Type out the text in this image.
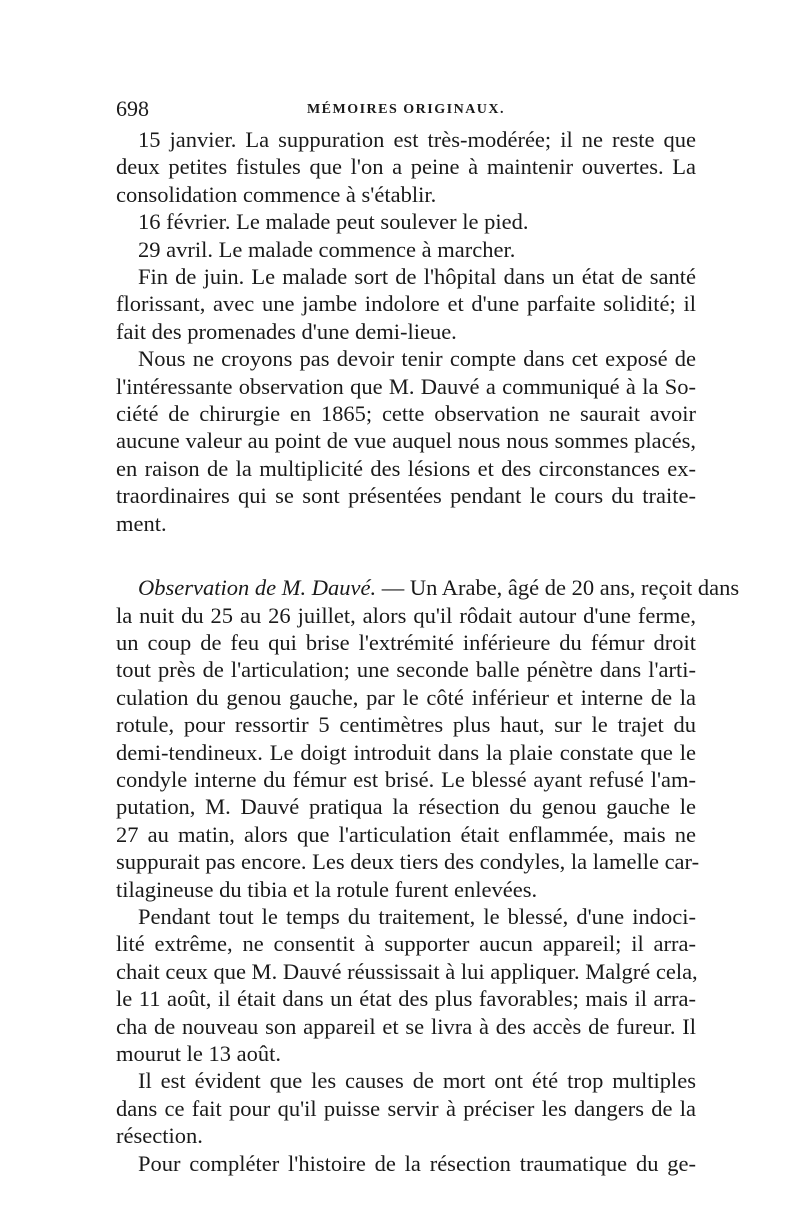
698	MÉMOIRES ORIGINAUX.
15 janvier. La suppuration est très-modérée; il ne reste que
deux petites fistules que l'on a peine à maintenir ouvertes. La
consolidation commence à s'établir.
16 février. Le malade peut soulever le pied.
29 avril. Le malade commence à marcher.
Fin de juin. Le malade sort de l'hôpital dans un état de santé
florissant, avec une jambe indolore et d'une parfaite solidité; il
fait des promenades d'une demi-lieue.
Nous ne croyons pas devoir tenir compte dans cet exposé de
l'intéressante observation que M. Dauvé a communiqué à la So-
ciété de chirurgie en 1865; cette observation ne saurait avoir
aucune valeur au point de vue auquel nous nous sommes placés,
en raison de la multiplicité des lésions et des circonstances ex-
traordinaires qui se sont présentées pendant le cours du traite-
ment.
Observation de M. Dauvé. — Un Arabe, âgé de 20 ans, reçoit dans
la nuit du 25 au 26 juillet, alors qu'il rôdait autour d'une ferme,
un coup de feu qui brise l'extrémité inférieure du fémur droit
tout près de l'articulation; une seconde balle pénètre dans l'arti-
culation du genou gauche, par le côté inférieur et interne de la
rotule, pour ressortir 5 centimètres plus haut, sur le trajet du
demi-tendineux. Le doigt introduit dans la plaie constate que le
condyle interne du fémur est brisé. Le blessé ayant refusé l'am-
putation, M. Dauvé pratiqua la résection du genou gauche le
27 au matin, alors que l'articulation était enflammée, mais ne
suppurait pas encore. Les deux tiers des condyles, la lamelle car-
tilagineuse du tibia et la rotule furent enlevées.
Pendant tout le temps du traitement, le blessé, d'une indoci-
lité extrême, ne consentit à supporter aucun appareil; il arra-
chait ceux que M. Dauvé réussissait à lui appliquer. Malgré cela,
le 11 août, il était dans un état des plus favorables; mais il arra-
cha de nouveau son appareil et se livra à des accès de fureur. Il
mourut le 13 août.
Il est évident que les causes de mort ont été trop multiples
dans ce fait pour qu'il puisse servir à préciser les dangers de la
résection.
Pour compléter l'histoire de la résection traumatique du ge-
